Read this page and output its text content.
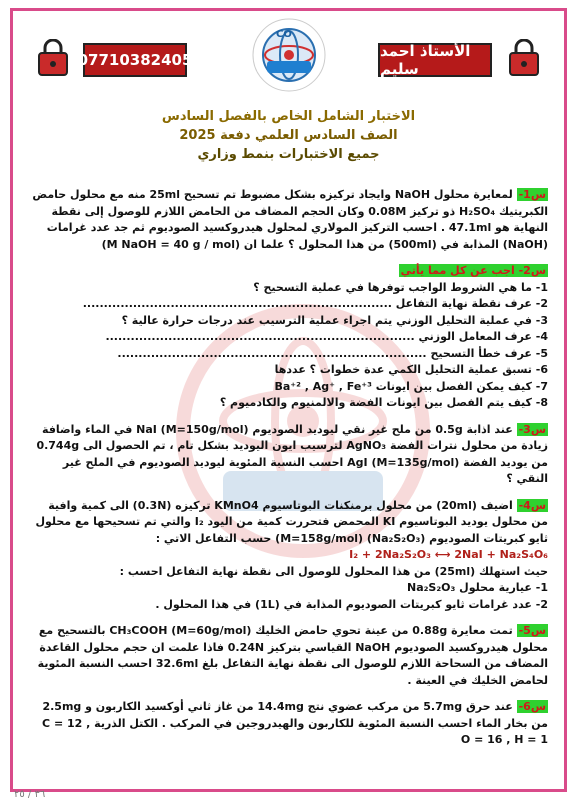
07710382405
CO
الأستاذ احمد سليم
الاختبار الشامل الخاص بالفصل السادس
الصف السادس العلمي دفعة 2025
جميع الاختبارات بنمط وزاري
س1- لمعايرة محلول NaOH وايجاد تركيزه بشكل مضبوط تم تسحيح 25ml منه مع محلول حامض الكبريتيك H₂SO₄ ذو تركيز 0.08M وكان الحجم المضاف من الحامض اللازم للوصول إلى نقطة النهاية هو 47.1ml . احسب التركيز المولاري لمحلول هيدروكسيد الصوديوم ثم جد عدد غرامات (NaOH) المذابة في (500ml) من هذا المحلول ؟ علما ان (M NaOH = 40 g / mol)
س2- اجب عن كل مما يأتي
1- ما هي الشروط الواجب توفرها في عملية التسحيح ؟
2- عرف نقطة نهاية التفاعل ..........................................................................
3- في عملية التحليل الوزني يتم اجراء عملية الترسيب عند درجات حرارة عالية ؟
4- عرف المعامل الوزني ..........................................................................
5- عرف خطأ التسحيح ..........................................................................
6- تسبق عملية التحليل الكمي عدة خطوات ؟ عددها
7- كيف يمكن الفصل بين ايونات Ba⁺² , Ag⁺ , Fe⁺³
8- كيف يتم الفصل بين ايونات الفضة والالمنيوم والكادميوم ؟
س3- عند اذابة 0.5g من ملح غير نقي ليوديد الصوديوم NaI (M=150g/mol) في الماء واضافة زيادة من محلول نترات الفضة AgNO₃ لترسيب ايون اليوديد بشكل تام ، تم الحصول الى 0.744g من يوديد الفضة AgI (M=135g/mol) احسب النسبة المئوية ليوديد الصوديوم في الملح غير النقي ؟
س4- اضيف (20ml) من محلول برمنكنات البوتاسيوم KMnO4 تركيزه (0.3N) الى كمية وافية من محلول يوديد البوتاسيوم KI المحمض فتحررت كمية من اليود I₂ والتي تم تسحيحها مع محلول ثايو كبريتات الصوديوم (Na₂S₂O₃) (M=158g/mol) حسب التفاعل الاتي :
I₂ + 2Na₂S₂O₃ ⟷ 2NaI + Na₂S₄O₆
حيث استهلك (25ml) من هذا المحلول للوصول الى نقطة نهاية التفاعل احسب :
1- عيارية محلول Na₂S₂O₃
2- عدد غرامات ثايو كبريتات الصوديوم المذابة في (1L) في هذا المحلول .
س5- تمت معايرة 0.88g من عينة تحوي حامض الخليك CH₃COOH (M=60g/mol) بالتسحيح مع محلول هيدروكسيد الصوديوم NaOH القياسي بتركيز 0.24N فاذا علمت ان حجم محلول القاعدة المضاف من السحاحة اللازم للوصول الى نقطة نهاية التفاعل بلغ 32.6ml احسب النسبة المئوية لحامض الخليك في العينة .
س6- عند حرق 5.7mg من مركب عضوي نتج 14.4mg من غاز ثاني أوكسيد الكاربون و 2.5mg من بخار الماء احسب النسبة المئوية للكاربون والهيدروجين في المركب . الكتل الذرية C = 12 , O = 16 , H = 1
٣٦ / ٢٥
